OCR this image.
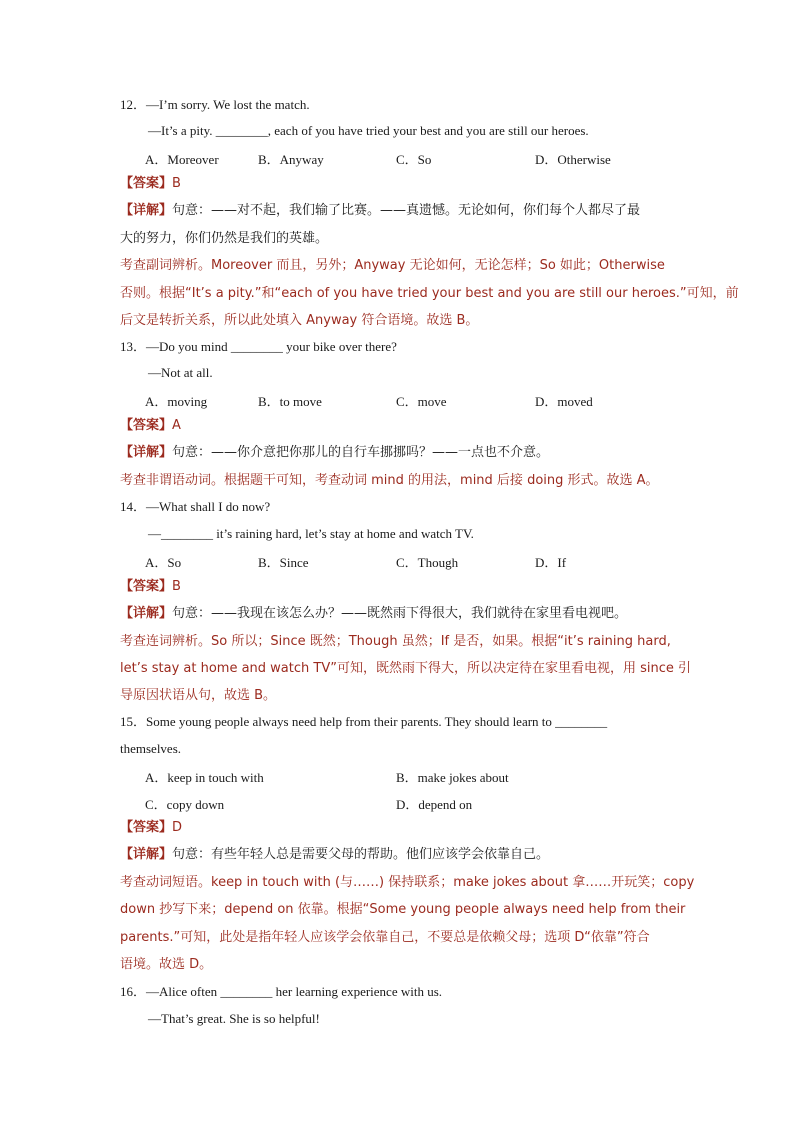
12．—I’m sorry. We lost the match.
—It’s a pity. ________, each of you have tried your best and you are still our heroes.
A．Moreover	B．Anyway	C．So	D．Otherwise
【答案】B
【详解】句意：——对不起，我们输了比赛。——真遗憾。无论如何，你们每个人都尽了最
大的努力，你们仍然是我们的英雄。
考查副词辨析。Moreover 而且，另外；Anyway 无论如何，无论怎样；So 如此；Otherwise
否则。根据“It’s a pity.”和“each of you have tried your best and you are still our heroes.”可知，前
后文是转折关系，所以此处填入 Anyway 符合语境。故选 B。
13．—Do you mind ________ your bike over there?
—Not at all.
A．moving	B．to move	C．move	D．moved
【答案】A
【详解】句意：——你介意把你那儿的自行车挪挪吗？——一点也不介意。
考查非谓语动词。根据题干可知，考查动词 mind 的用法，mind 后接 doing 形式。故选 A。
14．—What shall I do now?
—________ it’s raining hard, let’s stay at home and watch TV.
A．So	B．Since	C．Though	D．If
【答案】B
【详解】句意：——我现在该怎么办？——既然雨下得很大，我们就待在家里看电视吧。
考查连词辨析。So 所以；Since 既然；Though 虽然；If 是否，如果。根据“it’s raining hard,
let’s stay at home and watch TV”可知，既然雨下得大，所以决定待在家里看电视，用 since 引
导原因状语从句，故选 B。
15．Some young people always need help from their parents. They should learn to ________
themselves.
A．keep in touch with	B．make jokes about
C．copy down	D．depend on
【答案】D
【详解】句意：有些年轻人总是需要父母的帮助。他们应该学会依靠自己。
考查动词短语。keep in touch with (与……) 保持联系；make jokes about 拿……开玩笑；copy
down 抄写下来；depend on 依靠。根据“Some young people always need help from their
parents.”可知，此处是指年轻人应该学会依靠自己，不要总是依赖父母；选项 D“依靠”符合
语境。故选 D。
16．—Alice often ________ her learning experience with us.
—That’s great. She is so helpful!
